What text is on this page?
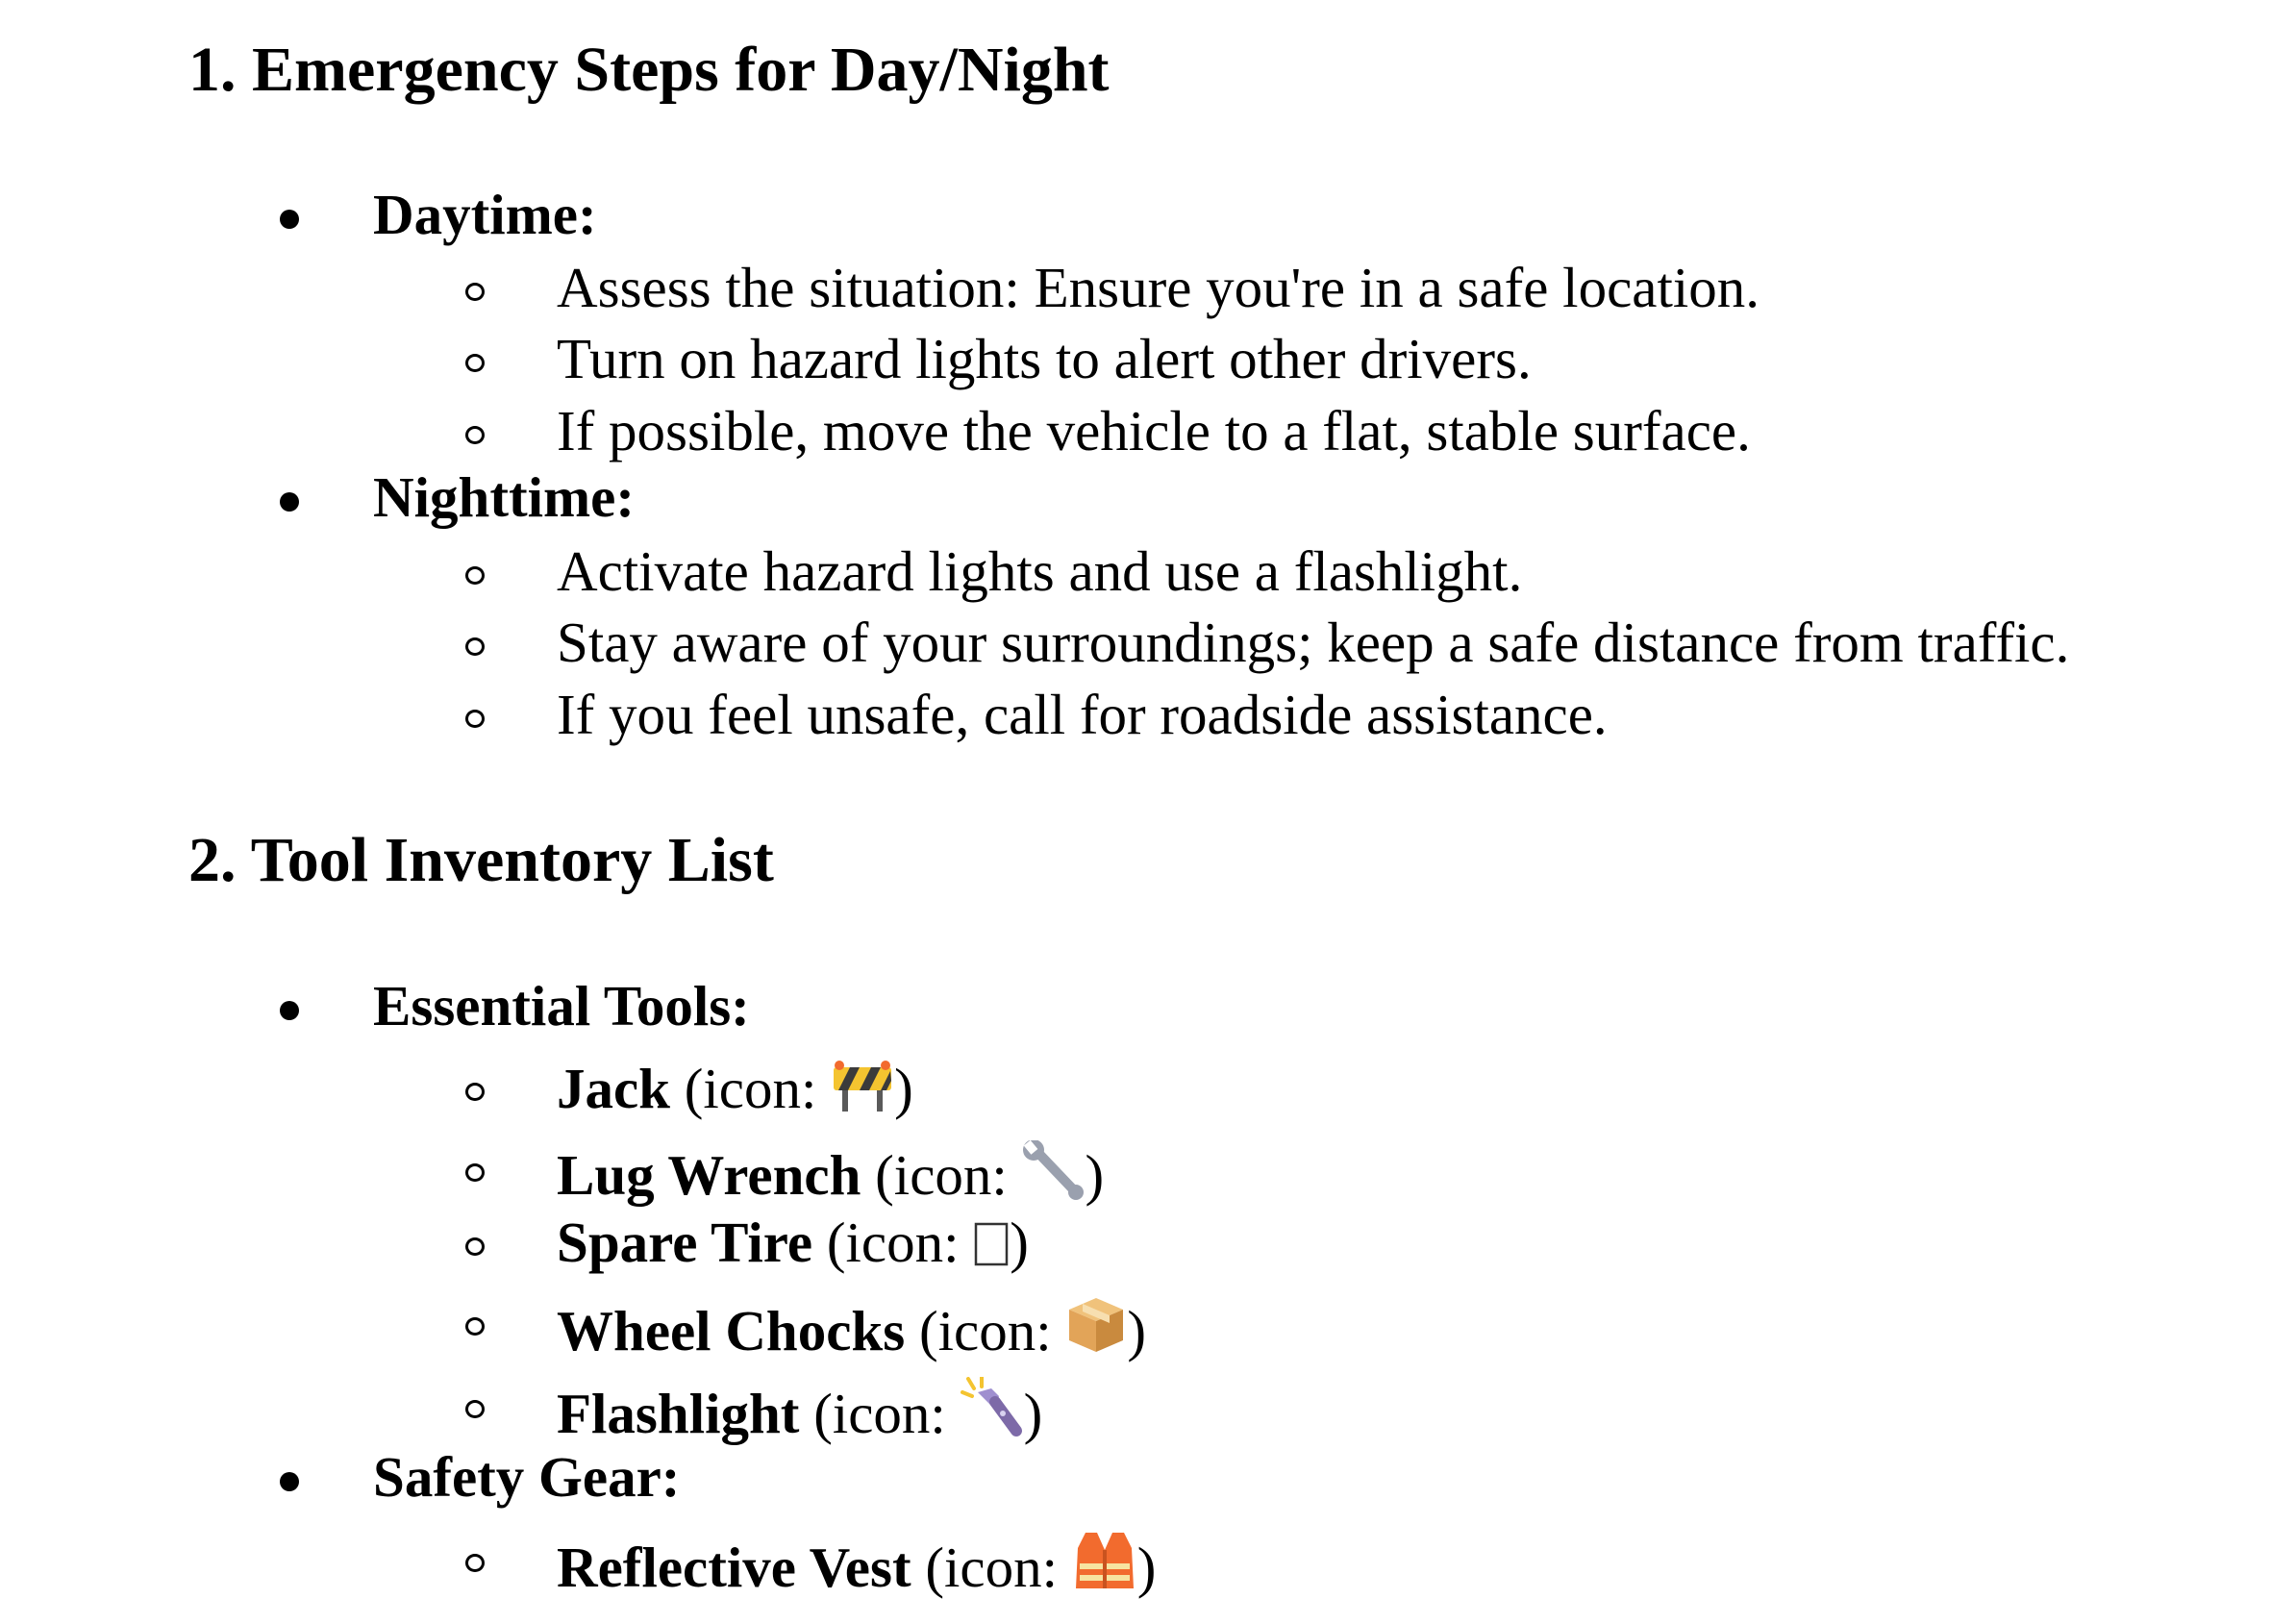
1. Emergency Steps for Day/Night
Daytime:
Assess the situation: Ensure you're in a safe location.
Turn on hazard lights to alert other drivers.
If possible, move the vehicle to a flat, stable surface.
Nighttime:
Activate hazard lights and use a flashlight.
Stay aware of your surroundings; keep a safe distance from traffic.
If you feel unsafe, call for roadside assistance.
2. Tool Inventory List
Essential Tools:
Jack (icon:
)
Lug Wrench (icon:
)
Spare Tire (icon:
)
Wheel Chocks (icon:
)
Flashlight (icon:
)
Safety Gear:
Reflective Vest (icon:
)
